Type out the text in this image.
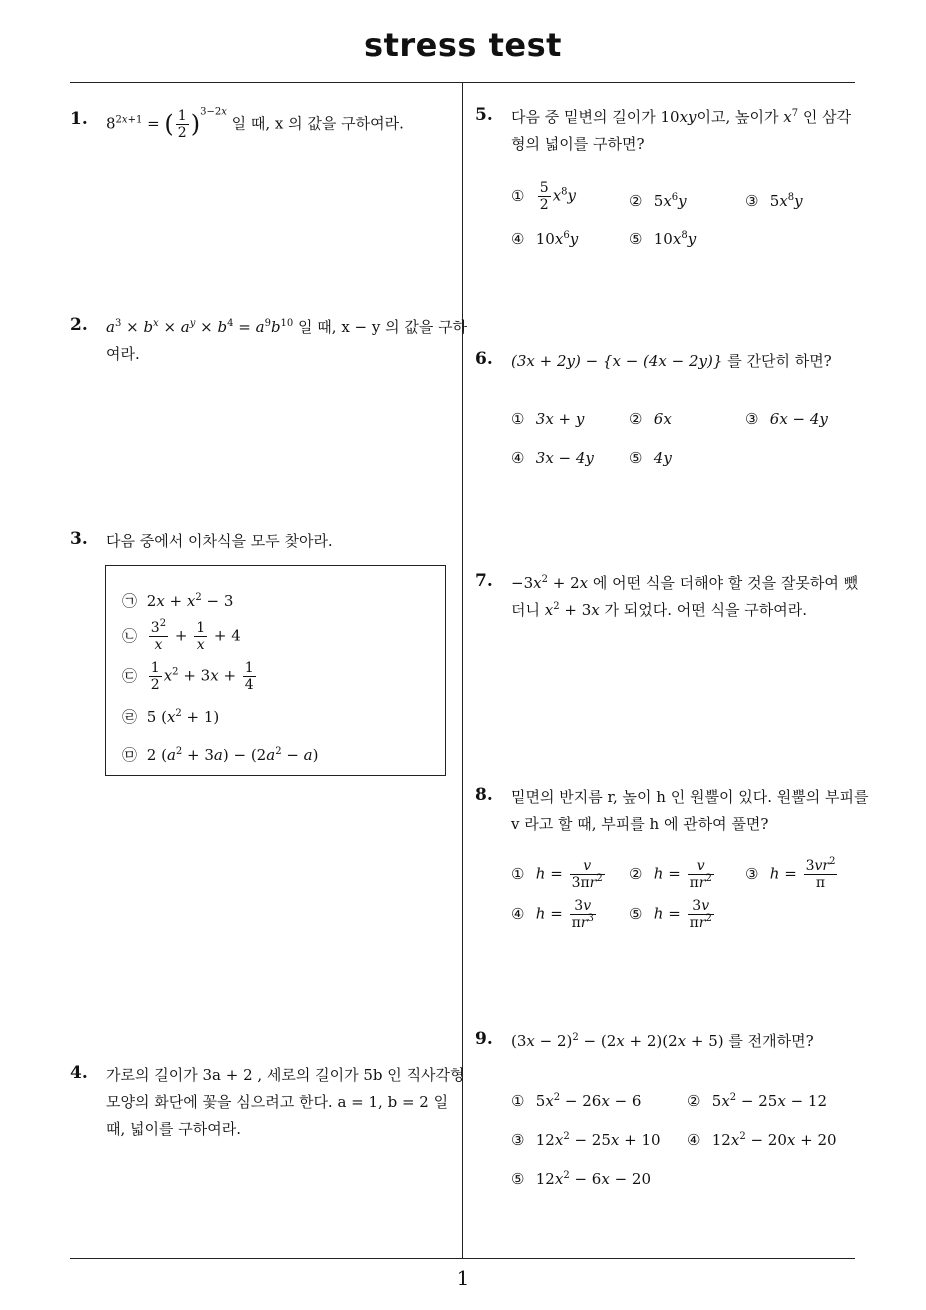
stress test
1
1. $8^{2x+1}$ = ( $\frac{1}{2} )^{3-2x}$ 일 때, x 의 값을 구하여라.
2. $a^3 \times b^x \times a^y \times b^4 = a^9b^{10}$ 일 때, x − y 의 값을 구하
여라.
3. 다음 중에서 이차식을 모두 찾아라.
㉠ $2x + x^2 - 3$
㉡ $\frac{3^2}{x} + \frac{1}{x} + 4$
㉢ $\frac{1}{2} x^2 + 3x + \frac{1}{4}$
㉣ 5 $(x^2 + 1)$
㉤ 2 $(a^2 + 3a) - (2a^2 - a)$
4. 가로의 길이가 3a + 2 , 세로의 길이가 5b 인 직사각형
모양의 화단에 꽃을 심으려고 한다. a = 1, b = 2 일
때, 넓이를 구하여라.
5. 다음 중 밑변의 길이가 10xy이고, 높이가 $x^7$ 인 삼각
형의 넓이를 구하면?
① $\frac{5}{2} x^8y$	② $5x^6y$	③ $5x^8y$
④ $10x^6y$	⑤ $10x^8y$
6. (3x + 2y) − {x − (4x − 2y)} 를 간단히 하면?
① 3x + y	② 6x	③ 6x − 4y
④ 3x − 4y ⑤ 4y
7. $-3x^2 + 2x$ 에 어떤 식을 더해야 할 것을 잘못하여 뺐
더니 $x^2 + 3x$ 가 되었다. 어떤 식을 구하여라.
8. 밑면의 반지름 r, 높이 h 인 원뿔이 있다. 원뿔의 부피를
v 라고 할 때, 부피를 h 에 관하여 풀면?
① $h = \frac{v}{3\pi r^2}$ ② $h = \frac{v}{\pi r^2}$ ③ $h = \frac{3vr^2}{\pi}$
④ $h = \frac{3v}{\pi r^3}$ ⑤ $h = \frac{3v}{\pi r^2}$
9. $(3x - 2)^2 - (2x + 2)(2x + 5)$ 를 전개하면?
① $5x^2 - 26x - 6$	② $5x^2 - 25x - 12$
③ $12x^2 - 25x + 10$ ④ $12x^2 - 20x + 20$
⑤ $12x^2 - 6x - 20$
